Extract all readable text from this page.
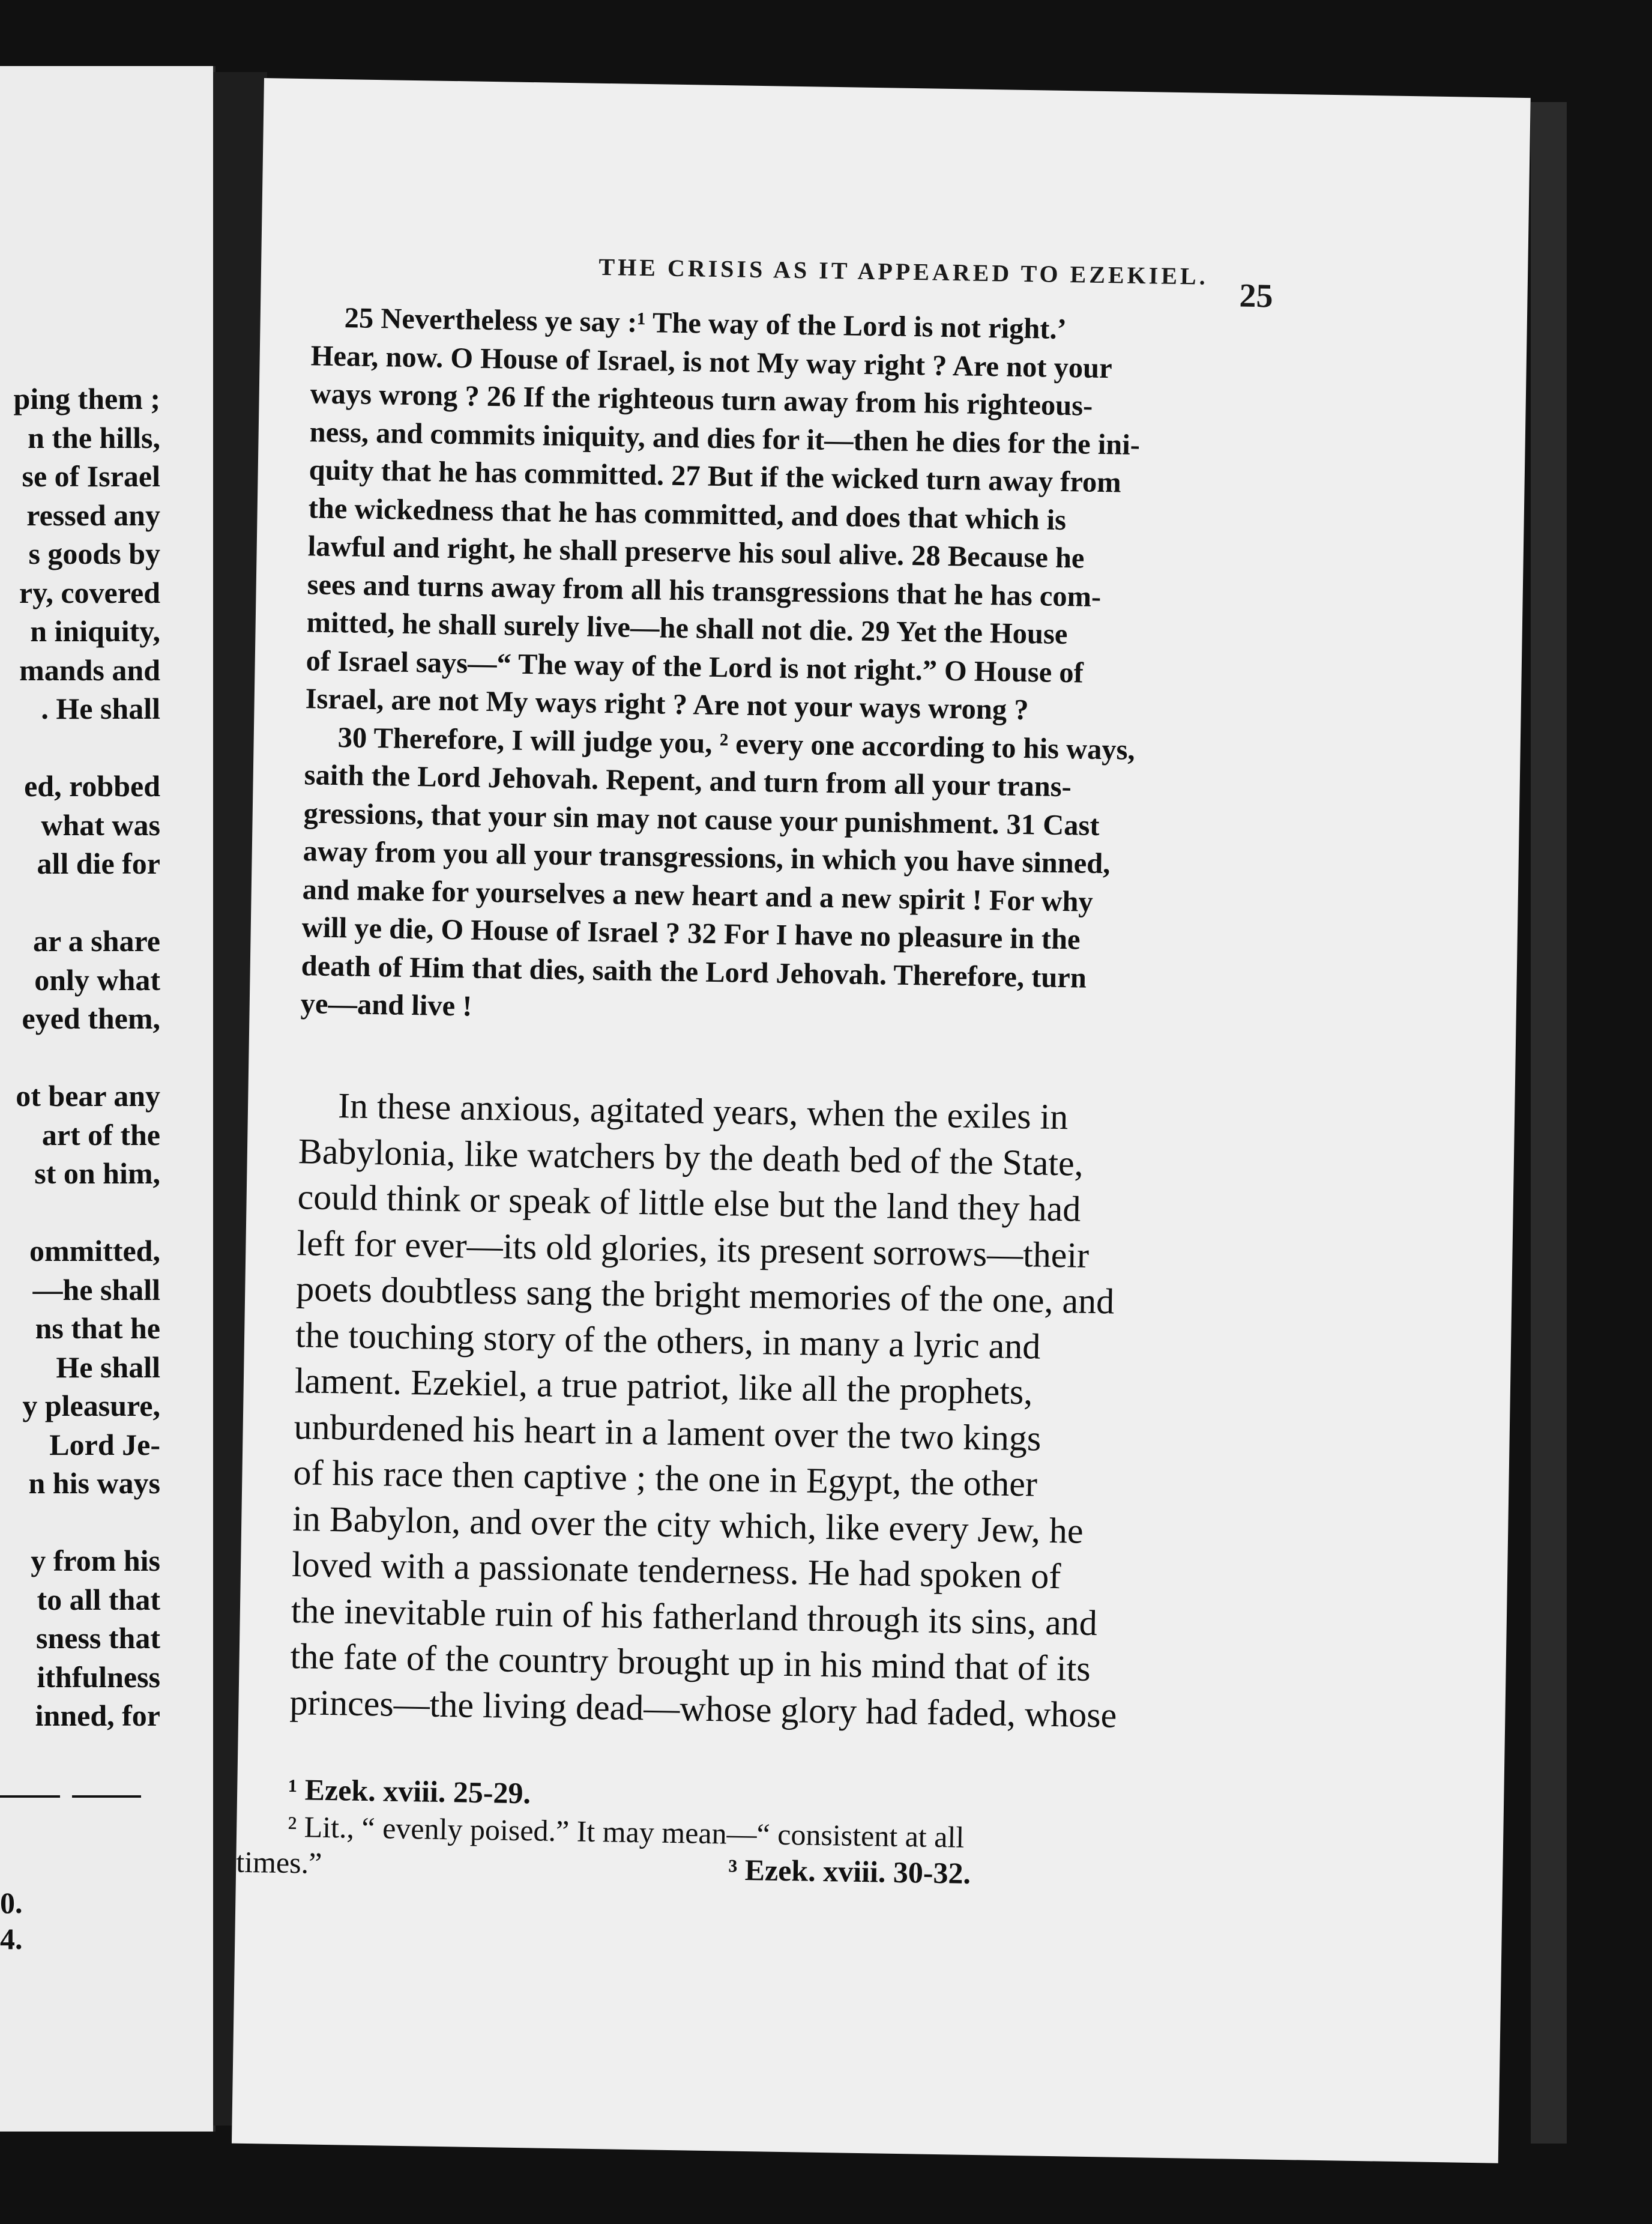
ping them ;
n the hills,
se of Israel
ressed any
s goods by
ry, covered
n iniquity,
mands and
. He shall
ed, robbed
what was
all die for
ar a share
only what
eyed them,
ot bear any
art of the
st on him,
ommitted,
—he shall
ns that he
He shall
y pleasure,
Lord Je-
n his ways
y from his
to all that
sness that
ithfulness
inned, for
0.
4.
THE CRISIS AS IT APPEARED TO EZEKIEL.
25
25 Nevertheless ye say :¹ The way of the Lord is not right.’
Hear, now. O House of Israel, is not My way right ? Are not your
ways wrong ? 26 If the righteous turn away from his righteous-
ness, and commits iniquity, and dies for it—then he dies for the ini-
quity that he has committed. 27 But if the wicked turn away from
the wickedness that he has committed, and does that which is
lawful and right, he shall preserve his soul alive. 28 Because he
sees and turns away from all his transgressions that he has com-
mitted, he shall surely live—he shall not die. 29 Yet the House
of Israel says—“ The way of the Lord is not right.” O House of
Israel, are not My ways right ? Are not your ways wrong ?
30 Therefore, I will judge you, ² every one according to his ways,
saith the Lord Jehovah. Repent, and turn from all your trans-
gressions, that your sin may not cause your punishment. 31 Cast
away from you all your transgressions, in which you have sinned,
and make for yourselves a new heart and a new spirit ! For why
will ye die, O House of Israel ? 32 For I have no pleasure in the
death of Him that dies, saith the Lord Jehovah. Therefore, turn
ye—and live !
In these anxious, agitated years, when the exiles in
Babylonia, like watchers by the death bed of the State,
could think or speak of little else but the land they had
left for ever—its old glories, its present sorrows—their
poets doubtless sang the bright memories of the one, and
the touching story of the others, in many a lyric and
lament. Ezekiel, a true patriot, like all the prophets,
unburdened his heart in a lament over the two kings
of his race then captive ; the one in Egypt, the other
in Babylon, and over the city which, like every Jew, he
loved with a passionate tenderness. He had spoken of
the inevitable ruin of his fatherland through its sins, and
the fate of the country brought up in his mind that of its
princes—the living dead—whose glory had faded, whose
¹ Ezek. xviii. 25-29.
² Lit., “ evenly poised.” It may mean—“ consistent at all
times.”	³ Ezek. xviii. 30-32.
